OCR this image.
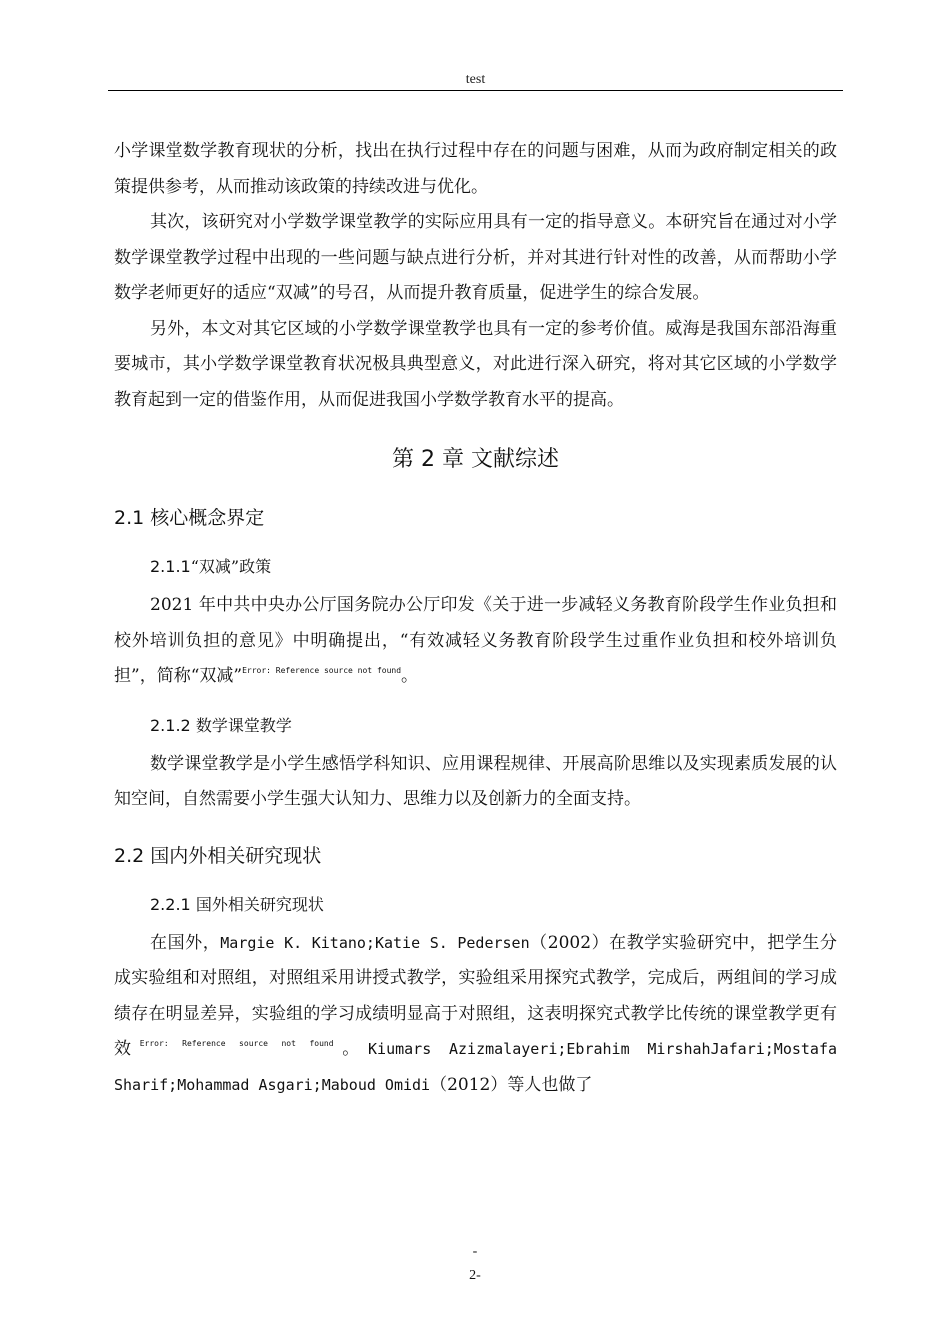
test

小学课堂数学教育现状的分析，找出在执行过程中存在的问题与困难，从而为政府制定相关的政策提供参考，从而推动该政策的持续改进与优化。

其次，该研究对小学数学课堂教学的实际应用具有一定的指导意义。本研究旨在通过对小学数学课堂教学过程中出现的一些问题与缺点进行分析，并对其进行针对性的改善，从而帮助小学数学老师更好的适应“双减”的号召，从而提升教育质量，促进学生的综合发展。

另外，本文对其它区域的小学数学课堂教学也具有一定的参考价值。威海是我国东部沿海重要城市，其小学数学课堂教育状况极具典型意义，对此进行深入研究，将对其它区域的小学数学教育起到一定的借鉴作用，从而促进我国小学数学教育水平的提高。

第 2 章 文献综述
2.1 核心概念界定
2.1.1“双减”政策

2021 年中共中央办公厅国务院办公厅印发《关于进一步减轻义务教育阶段学生作业负担和校外培训负担的意见》中明确提出，“有效减轻义务教育阶段学生过重作业负担和校外培训负担”，简称“双减”$^{Error: Reference source not found}$。

2.1.2 数学课堂教学

数学课堂教学是小学生感悟学科知识、应用课程规律、开展高阶思维以及实现素质发展的认知空间，自然需要小学生强大认知力、思维力以及创新力的全面支持。

2.2 国内外相关研究现状
2.2.1 国外相关研究现状

在国外，Margie K. Kitano;Katie S. Pedersen（2002）在教学实验研究中，把学生分成实验组和对照组，对照组采用讲授式教学，实验组采用探究式教学，完成后，两组间的学习成绩存在明显差异，实验组的学习成绩明显高于对照组，这表明探究式教学比传统的课堂教学更有效$^{Error: Reference source not found}$。Kiumars Azizmalayeri;Ebrahim MirshahJafari;Mostafa Sharif;Mohammad Asgari;Maboud Omidi（2012）等人也做了

-
2-
